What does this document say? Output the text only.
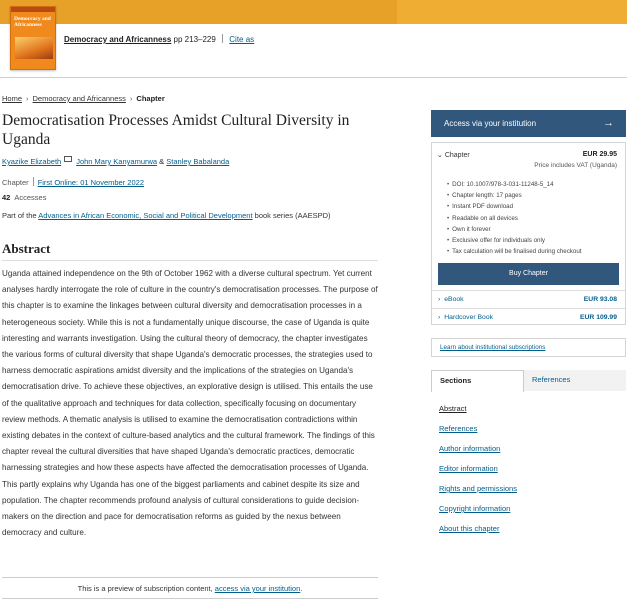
Democracy and Africanness
Democracy and Africanness pp 213–229 Cite as
Home › Democracy and Africanness › Chapter
Democratisation Processes Amidst Cultural Diversity in Uganda
Kyazike Elizabeth John Mary Kanyamurwa & Stanley Babalanda
Chapter First Online: 01 November 2022
42 Accesses
Part of the Advances in African Economic, Social and Political Development book series (AAESPD)
Abstract

Uganda attained independence on the 9th of October 1962 with a diverse cultural spectrum. Yet current analyses hardly interrogate the role of culture in the country's democratisation processes. The purpose of this chapter is to examine the linkages between cultural diversity and democratisation processes in a heterogeneous society. While this is not a fundamentally unique discourse, the case of Uganda is quite interesting and warrants investigation. Using the cultural theory of democracy, the chapter investigates the various forms of cultural diversity that shape Uganda's democratic processes, the strategies used to harness democratic aspirations amidst diversity and the implications of the strategies on Uganda's democratisation drive. To achieve these objectives, an explorative design is utilised. This entails the use of the qualitative approach and techniques for data collection, specifically focusing on documentary review methods. A thematic analysis is utilised to examine the democratisation contradictions within existing debates in the context of culture-based analytics and the cultural framework. The findings of this chapter reveal the cultural diversities that have shaped Uganda's democratic practices, democratic harnessing strategies and how these aspects have affected the democratisation processes of Uganda. This partly explains why Uganda has one of the biggest parliaments and cabinet despite its size and population. The chapter recommends profound analysis of cultural considerations to guide decision-makers on the direction and pace for democratisation reforms as guided by the nexus between democracy and culture.

This is a preview of subscription content, access via your institution.
Access via your institution	→
⌄ Chapter	EUR 29.95
Price includes VAT (Uganda)
• DOI: 10.1007/978-3-031-11248-5_14
• Chapter length: 17 pages
• Instant PDF download
• Readable on all devices
• Own it forever
• Exclusive offer for individuals only
• Tax calculation will be finalised during checkout
Buy Chapter
› eBook	EUR 93.08
› Hardcover Book	EUR 109.99
Learn about institutional subscriptions
Sections	References
Abstract
References
Author information
Editor information
Rights and permissions
Copyright information
About this chapter
